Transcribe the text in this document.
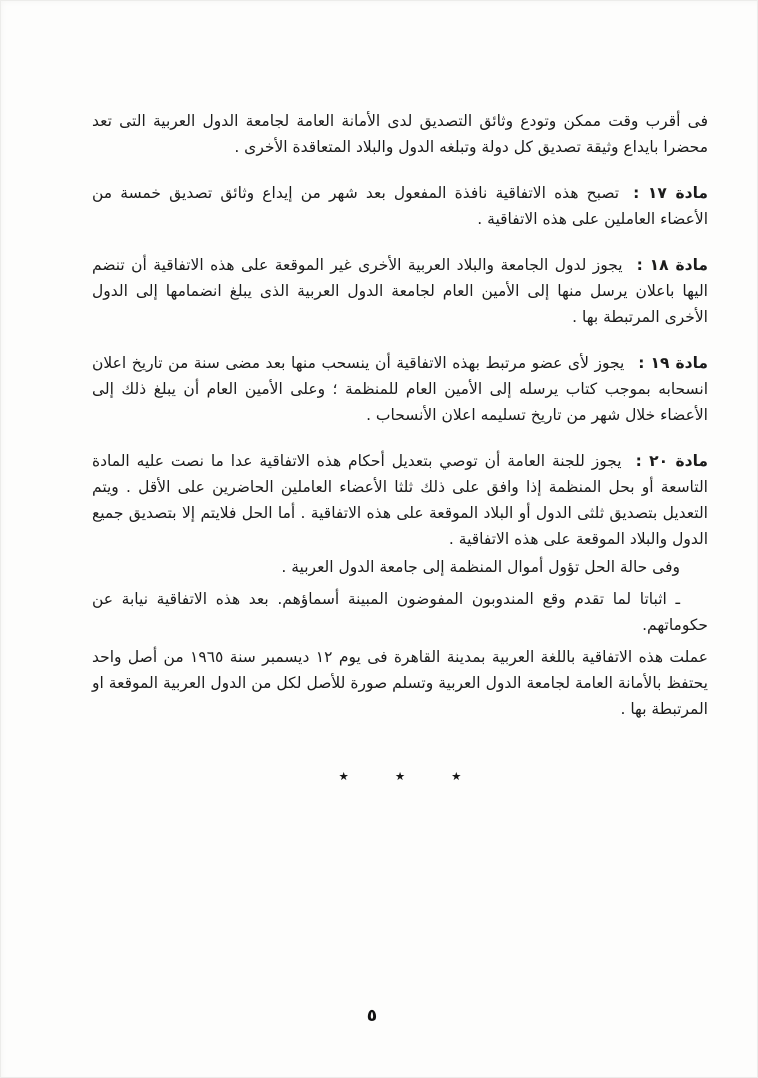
فى أقرب وقت ممكن وتودع وثائق التصديق لدى الأمانة العامة لجامعة الدول العربية التى تعد محضرا بايداع وثيقة تصديق كل دولة وتبلغه الدول والبلاد المتعاقدة الأخرى .

مادة ١٧ :تصبح هذه الاتفاقية نافذة المفعول بعد شهر من إيداع وثائق تصديق خمسة من الأعضاء العاملين على هذه الاتفاقية .

مادة ١٨ :يجوز لدول الجامعة والبلاد العربية الأخرى غير الموقعة على هذه الاتفاقية أن تنضم اليها باعلان يرسل منها إلى الأمين العام لجامعة الدول العربية الذى يبلغ انضمامها إلى الدول الأخرى المرتبطة بها .

مادة ١٩ :يجوز لأى عضو مرتبط بهذه الاتفاقية أن ينسحب منها بعد مضى سنة من تاريخ اعلان انسحابه بموجب كتاب يرسله إلى الأمين العام للمنظمة ؛ وعلى الأمين العام أن يبلغ ذلك إلى الأعضاء خلال شهر من تاريخ تسليمه اعلان الأنسحاب .

مادة ٢٠ :يجوز للجنة العامة أن توصي بتعديل أحكام هذه الاتفاقية عدا ما نصت عليه المادة التاسعة أو بحل المنظمة إذا وافق على ذلك ثلثا الأعضاء العاملين الحاضرين على الأقل . ويتم التعديل بتصديق ثلثى الدول أو البلاد الموقعة على هذه الاتفاقية . أما الحل فلايتم إلا بتصديق جميع الدول والبلاد الموقعة على هذه الاتفاقية .

وفى حالة الحل تؤول أموال المنظمة إلى جامعة الدول العربية .

ـ اثباتا لما تقدم وقع المندوبون المفوضون المبينة أسماؤهم. بعد هذه الاتفاقية نيابة عن حكوماتهم.

عملت هذه الاتفاقية باللغة العربية بمدينة القاهرة فى يوم ١٢ ديسمبر سنة ١٩٦٥ من أصل واحد يحتفظ بالأمانة العامة لجامعة الدول العربية وتسلم صورة للأصل لكل من الدول العربية الموقعة او المرتبطة بها .

٭ ٭ ٭
٥
